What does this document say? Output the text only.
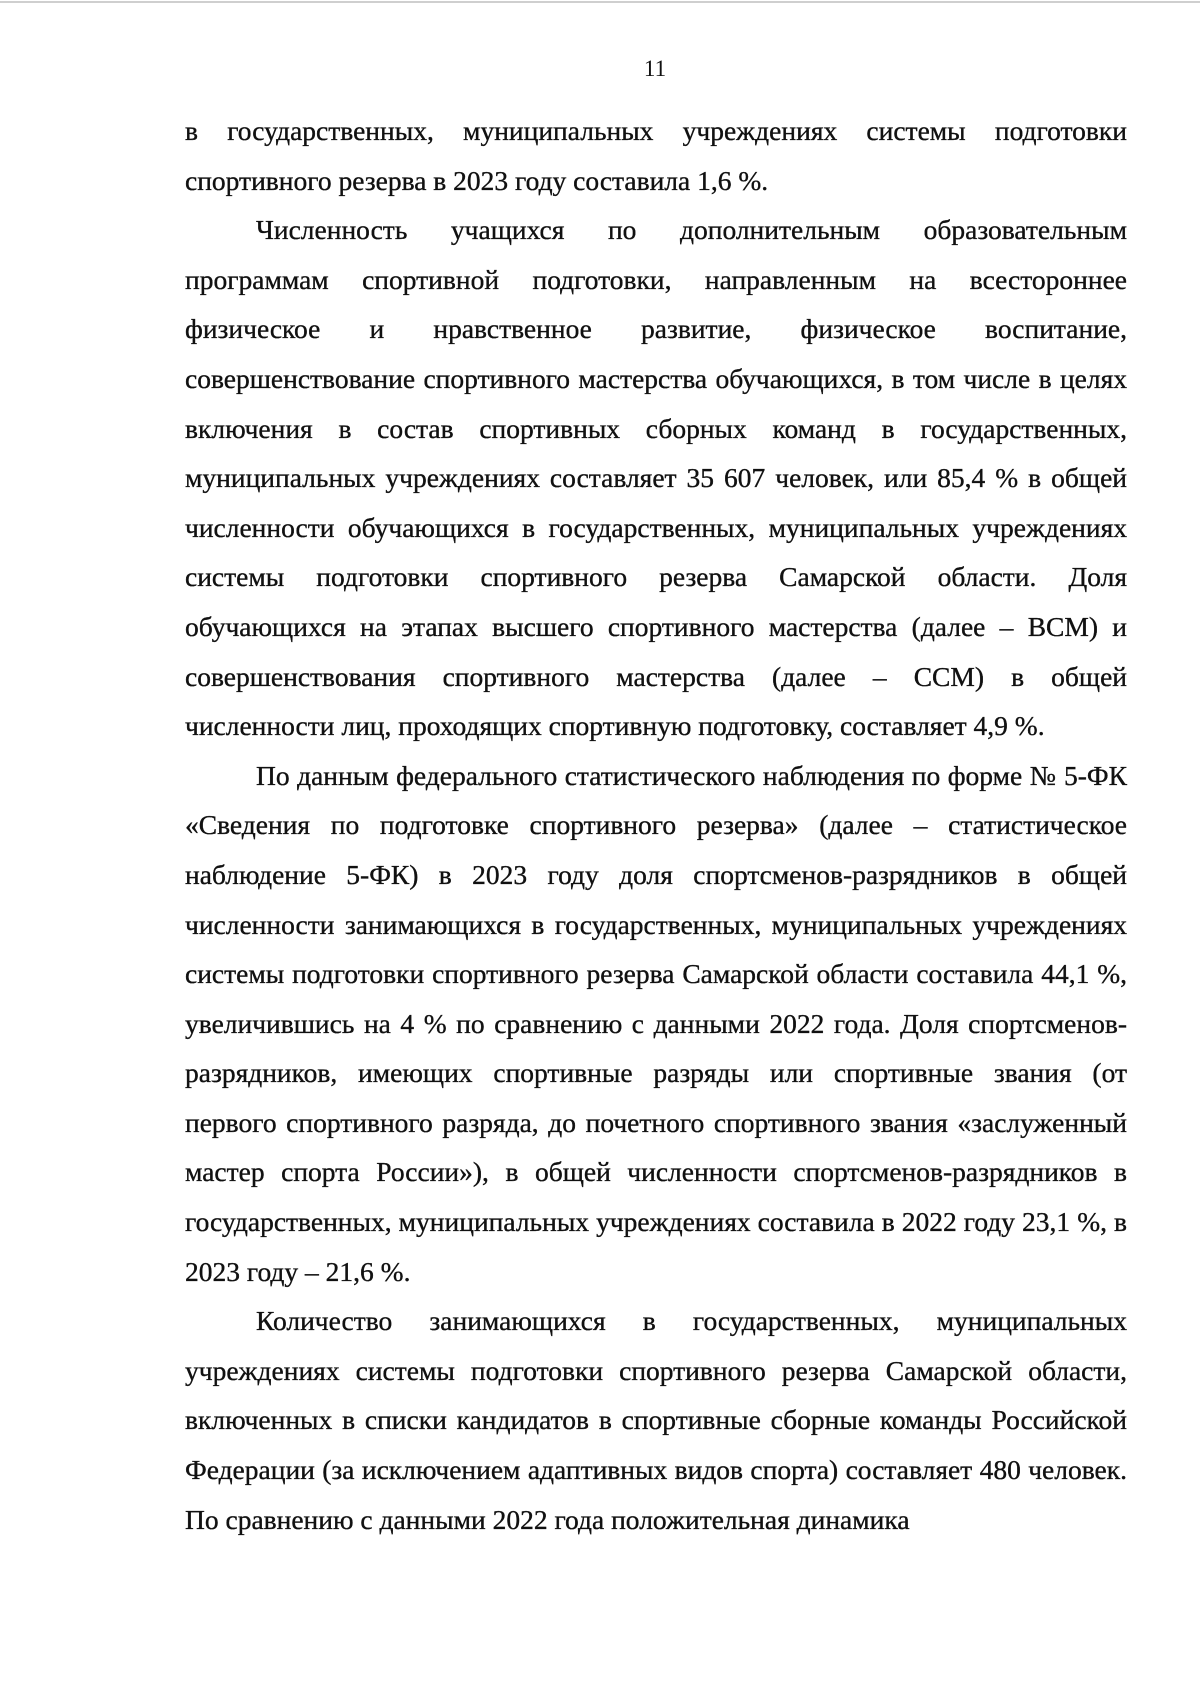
11

в государственных, муниципальных учреждениях системы подготовки спортивного резерва в 2023 году составила 1,6 %.

Численность учащихся по дополнительным образовательным программам спортивной подготовки, направленным на всестороннее физическое и нравственное развитие, физическое воспитание, совершенствование спортивного мастерства обучающихся, в том числе в целях включения в состав спортивных сборных команд в государственных, муниципальных учреждениях составляет 35 607 человек, или 85,4 % в общей численности обучающихся в государственных, муниципальных учреждениях системы подготовки спортивного резерва Самарской области. Доля обучающихся на этапах высшего спортивного мастерства (далее – ВСМ) и совершенствования спортивного мастерства (далее – ССМ) в общей численности лиц, проходящих спортивную подготовку, составляет 4,9 %.

По данным федерального статистического наблюдения по форме № 5-ФК «Сведения по подготовке спортивного резерва» (далее – статистическое наблюдение 5-ФК) в 2023 году доля спортсменов-разрядников в общей численности занимающихся в государственных, муниципальных учреждениях системы подготовки спортивного резерва Самарской области составила 44,1 %, увеличившись на 4 % по сравнению с данными 2022 года. Доля спортсменов-разрядников, имеющих спортивные разряды или спортивные звания (от первого спортивного разряда, до почетного спортивного звания «заслуженный мастер спорта России»), в общей численности спортсменов-разрядников в государственных, муниципальных учреждениях составила в 2022 году 23,1 %, в 2023 году – 21,6 %.

Количество занимающихся в государственных, муниципальных учреждениях системы подготовки спортивного резерва Самарской области, включенных в списки кандидатов в спортивные сборные команды Российской Федерации (за исключением адаптивных видов спорта) составляет 480 человек. По сравнению с данными 2022 года положительная динамика
